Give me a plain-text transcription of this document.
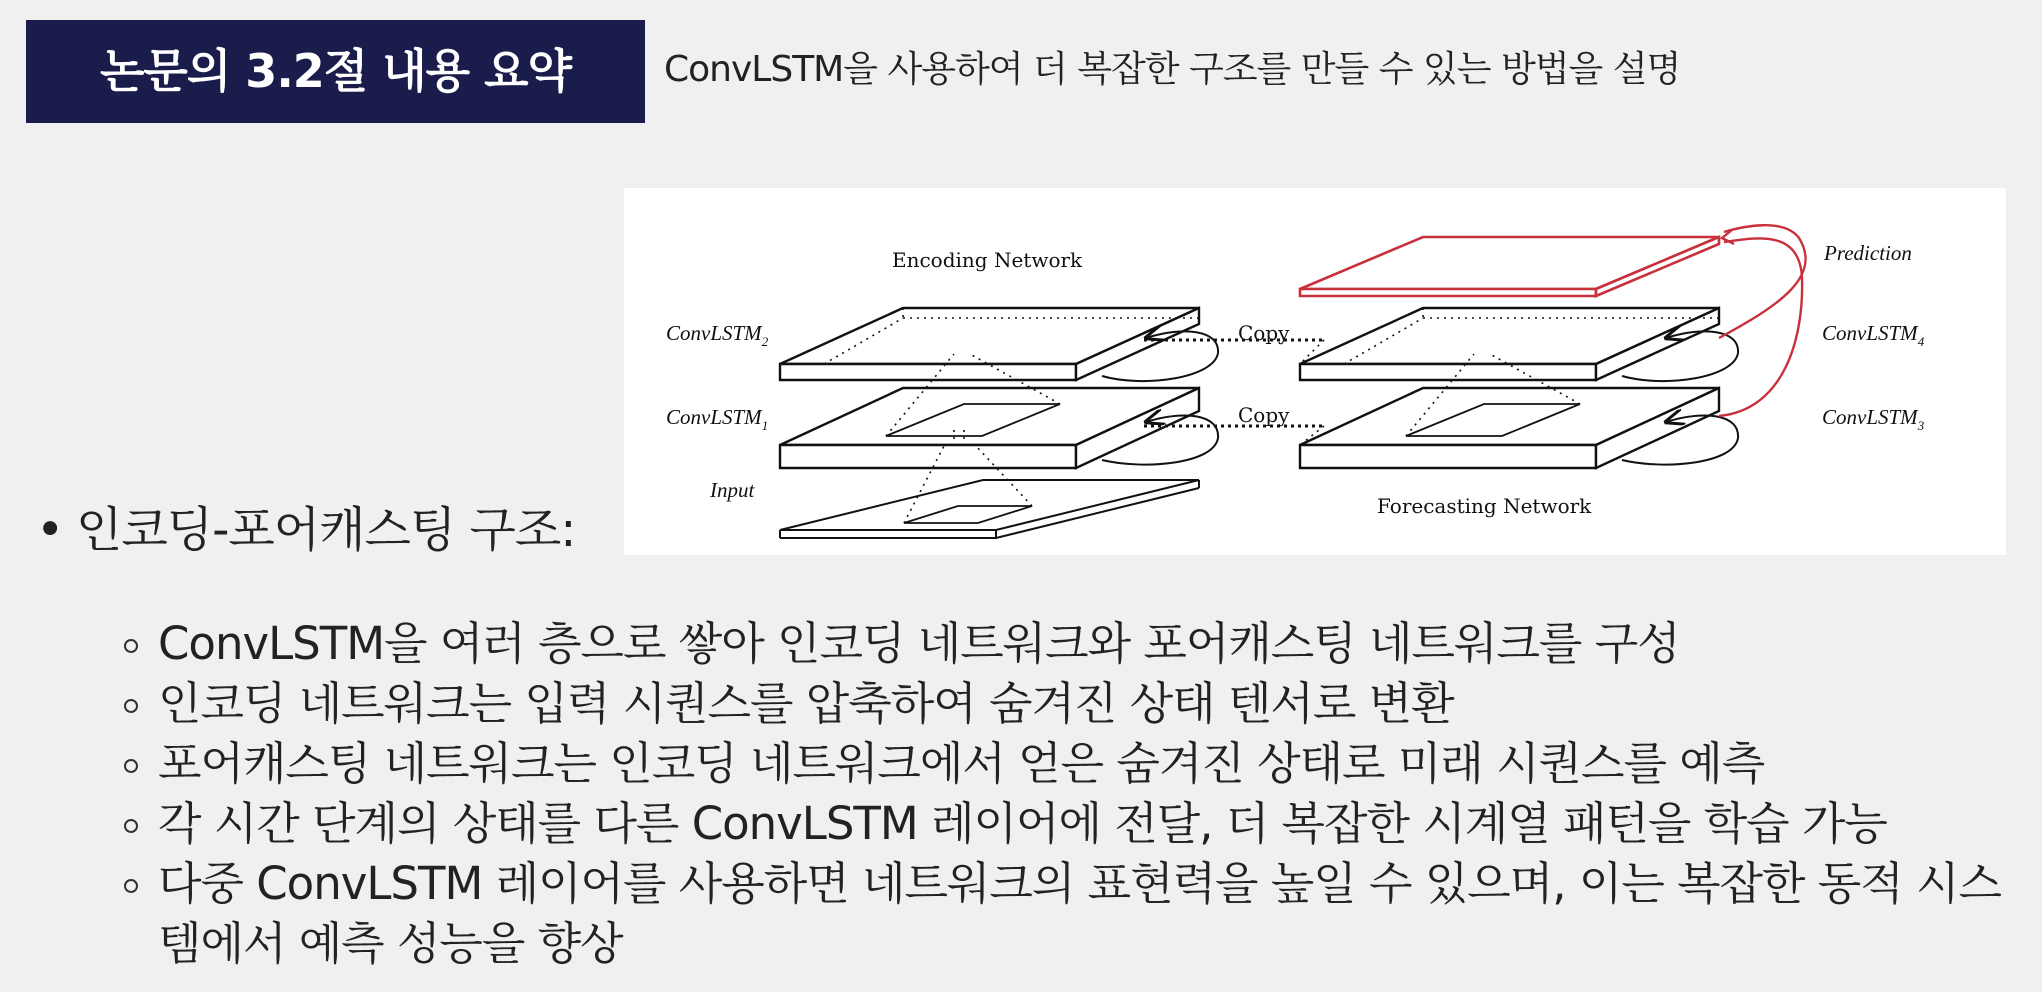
논문의 3.2절 내용 요약	ConvLSTM을 사용하여 더 복잡한 구조를 만들 수 있는 방법을 설명
Encoding Network
Forecasting Network
Input
ConvLSTM$_2$
ConvLSTM$_1$
ConvLSTM$_4$
ConvLSTM$_3$
Copy
Copy
Prediction
• 인코딩-포어캐스팅 구조:
ConvLSTM을 여러 층으로 쌓아 인코딩 네트워크와 포어캐스팅 네트워크를 구성
인코딩 네트워크는 입력 시퀀스를 압축하여 숨겨진 상태 텐서로 변환
포어캐스팅 네트워크는 인코딩 네트워크에서 얻은 숨겨진 상태로 미래 시퀀스를 예측
각 시간 단계의 상태를 다른 ConvLSTM 레이어에 전달, 더 복잡한 시계열 패턴을 학습 가능
다중 ConvLSTM 레이어를 사용하면 네트워크의 표현력을 높일 수 있으며, 이는 복잡한 동적 시스템에서 예측 성능을 향상
